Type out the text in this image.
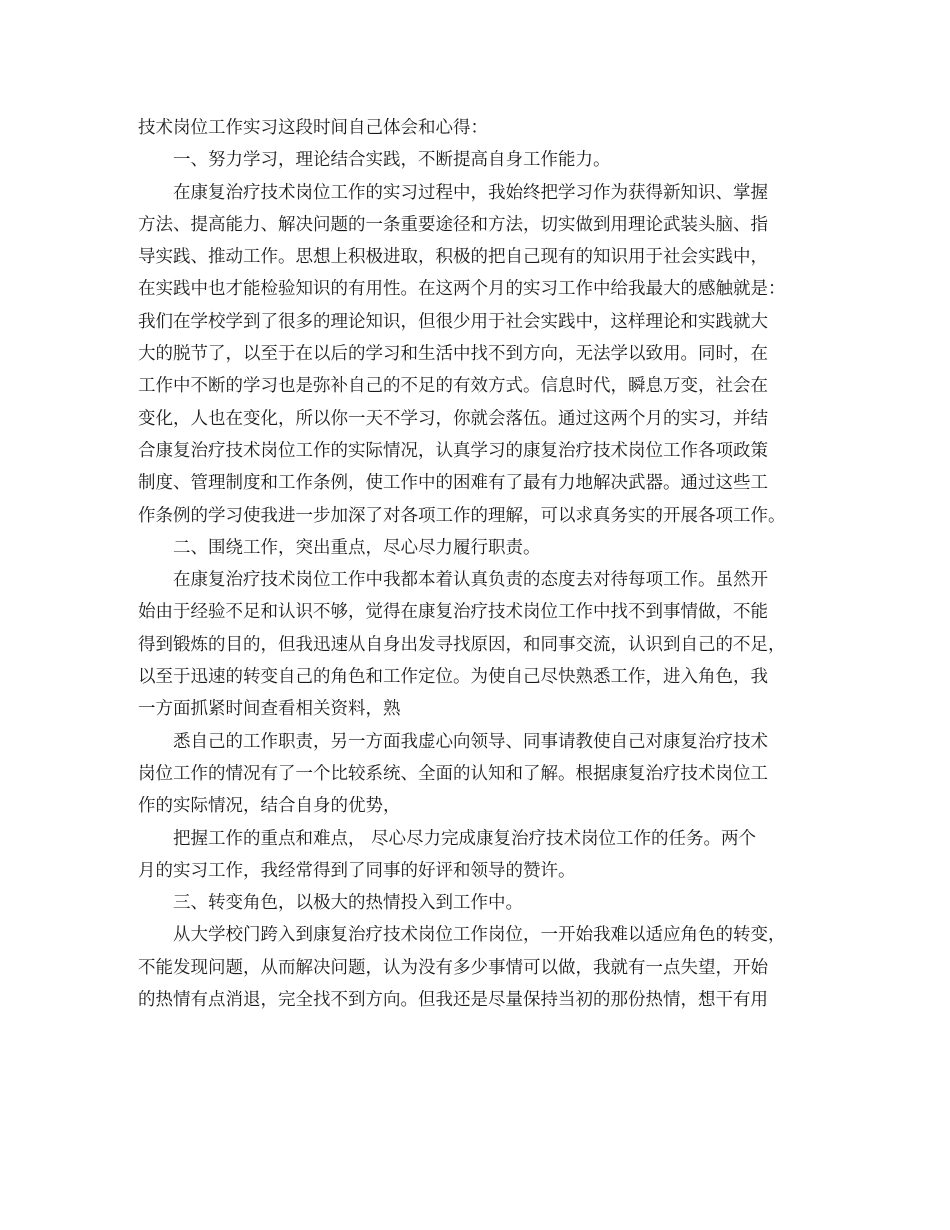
技术岗位工作实习这段时间自己体会和心得：
一、努力学习，理论结合实践，不断提高自身工作能力。
在康复治疗技术岗位工作的实习过程中，我始终把学习作为获得新知识、掌握
方法、提高能力、解决问题的一条重要途径和方法，切实做到用理论武装头脑、指
导实践、推动工作。思想上积极进取，积极的把自己现有的知识用于社会实践中，
在实践中也才能检验知识的有用性。在这两个月的实习工作中给我最大的感触就是：
我们在学校学到了很多的理论知识，但很少用于社会实践中，这样理论和实践就大
大的脱节了，以至于在以后的学习和生活中找不到方向，无法学以致用。同时，在
工作中不断的学习也是弥补自己的不足的有效方式。信息时代，瞬息万变，社会在
变化，人也在变化，所以你一天不学习，你就会落伍。通过这两个月的实习，并结
合康复治疗技术岗位工作的实际情况，认真学习的康复治疗技术岗位工作各项政策
制度、管理制度和工作条例，使工作中的困难有了最有力地解决武器。通过这些工
作条例的学习使我进一步加深了对各项工作的理解，可以求真务实的开展各项工作。
二、围绕工作，突出重点，尽心尽力履行职责。
在康复治疗技术岗位工作中我都本着认真负责的态度去对待每项工作。虽然开
始由于经验不足和认识不够，觉得在康复治疗技术岗位工作中找不到事情做，不能
得到锻炼的目的，但我迅速从自身出发寻找原因，和同事交流，认识到自己的不足，
以至于迅速的转变自己的角色和工作定位。为使自己尽快熟悉工作，进入角色，我
一方面抓紧时间查看相关资料，熟
悉自己的工作职责，另一方面我虚心向领导、同事请教使自己对康复治疗技术
岗位工作的情况有了一个比较系统、全面的认知和了解。根据康复治疗技术岗位工
作的实际情况，结合自身的优势，
把握工作的重点和难点， 尽心尽力完成康复治疗技术岗位工作的任务。两个
月的实习工作，我经常得到了同事的好评和领导的赞许。
三、转变角色，以极大的热情投入到工作中。
从大学校门跨入到康复治疗技术岗位工作岗位，一开始我难以适应角色的转变，
不能发现问题，从而解决问题，认为没有多少事情可以做，我就有一点失望，开始
的热情有点消退，完全找不到方向。但我还是尽量保持当初的那份热情，想干有用
